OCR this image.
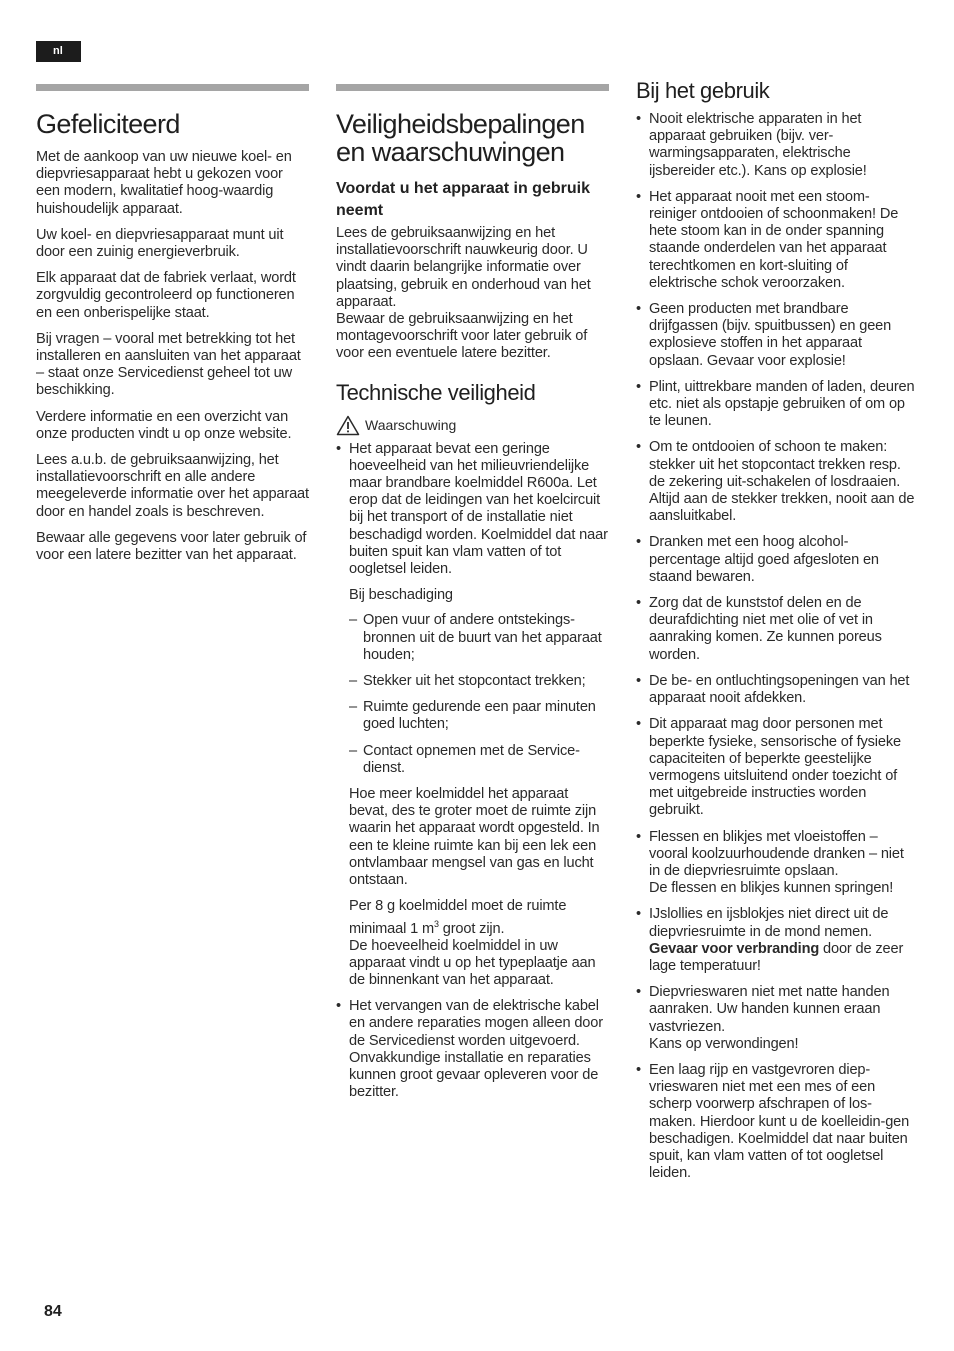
nl
Gefeliciteerd

Met de aankoop van uw nieuwe koel- en diepvriesapparaat hebt u gekozen voor een modern, kwalitatief hoog-waardig huishoudelijk apparaat.

Uw koel- en diepvriesapparaat munt uit door een zuinig energieverbruik.

Elk apparaat dat de fabriek verlaat, wordt zorgvuldig gecontroleerd op functioneren en een onberispelijke staat.

Bij vragen – vooral met betrekking tot het installeren en aansluiten van het apparaat – staat onze Servicedienst geheel tot uw beschikking.

Verdere informatie en een overzicht van onze producten vindt u op onze website.

Lees a.u.b. de gebruiksaanwijzing, het installatievoorschrift en alle andere meegeleverde informatie over het apparaat door en handel zoals is beschreven.

Bewaar alle gegevens voor later gebruik of voor een latere bezitter van het apparaat.

Veiligheidsbepalingen
en waarschuwingen
Voordat u het apparaat in gebruik neemt

Lees de gebruiksaanwijzing en het installatievoorschrift nauwkeurig door. U vindt daarin belangrijke informatie over plaatsing, gebruik en onderhoud van het apparaat.

Bewaar de gebruiksaanwijzing en het montagevoorschrift voor later gebruik of voor een eventuele latere bezitter.

Technische veiligheid
Waarschuwing
• Het apparaat bevat een geringe hoeveelheid van het milieuvriendelijke maar brandbare koelmiddel R600a. Let erop dat de leidingen van het koelcircuit bij het transport of de installatie niet beschadigd worden. Koelmiddel dat naar buiten spuit kan vlam vatten of tot oogletsel leiden.
Bij beschadiging
– Open vuur of andere ontstekings-bronnen uit de buurt van het apparaat houden;
– Stekker uit het stopcontact trekken;
– Ruimte gedurende een paar minuten goed luchten;
– Contact opnemen met de Service-dienst.

Hoe meer koelmiddel het apparaat bevat, des te groter moet de ruimte zijn waarin het apparaat wordt opgesteld. In een te kleine ruimte kan bij een lek een ontvlambaar mengsel van gas en lucht ontstaan.

Per 8 g koelmiddel moet de ruimte minimaal 1 $m^3$ groot zijn.

De hoeveelheid koelmiddel in uw apparaat vindt u op het typeplaatje aan de binnenkant van het apparaat.

• Het vervangen van de elektrische kabel en andere reparaties mogen alleen door de Servicedienst worden uitgevoerd. Onvakkundige installatie en reparaties kunnen groot gevaar opleveren voor de bezitter.
Bij het gebruik
• Nooit elektrische apparaten in het apparaat gebruiken (bijv. ver-warmingsapparaten, elektrische ijsbereider etc.). Kans op explosie!
• Het apparaat nooit met een stoom-reiniger ontdooien of schoonmaken! De hete stoom kan in de onder spanning staande onderdelen van het apparaat terechtkomen en kort-sluiting of elektrische schok veroorzaken.
• Geen producten met brandbare drijfgassen (bijv. spuitbussen) en geen explosieve stoffen in het apparaat opslaan. Gevaar voor explosie!
• Plint, uittrekbare manden of laden, deuren etc. niet als opstapje gebruiken of om op te leunen.
• Om te ontdooien of schoon te maken: stekker uit het stopcontact trekken resp. de zekering uit-schakelen of losdraaien.
Altijd aan de stekker trekken, nooit aan de aansluitkabel.
• Dranken met een hoog alcohol-percentage altijd goed afgesloten en staand bewaren.
• Zorg dat de kunststof delen en de deurafdichting niet met olie of vet in aanraking komen. Ze kunnen poreus worden.
• De be- en ontluchtingsopeningen van het apparaat nooit afdekken.
• Dit apparaat mag door personen met beperkte fysieke, sensorische of fysieke capaciteiten of beperkte geestelijke vermogens uitsluitend onder toezicht of met uitgebreide instructies worden gebruikt.
• Flessen en blikjes met vloeistoffen – vooral koolzuurhoudende dranken – niet in de diepvriesruimte opslaan.
De flessen en blikjes kunnen springen!
• IJslollies en ijsblokjes niet direct uit de diepvriesruimte in de mond nemen. Gevaar voor verbranding door de zeer lage temperatuur!
• Diepvrieswaren niet met natte handen aanraken. Uw handen kunnen eraan vastvriezen.
Kans op verwondingen!
• Een laag rijp en vastgevroren diep-vrieswaren niet met een mes of een scherp voorwerp afschrapen of los-maken. Hierdoor kunt u de koelleidin-gen beschadigen. Koelmiddel dat naar buiten spuit, kan vlam vatten of tot oogletsel leiden.
84
